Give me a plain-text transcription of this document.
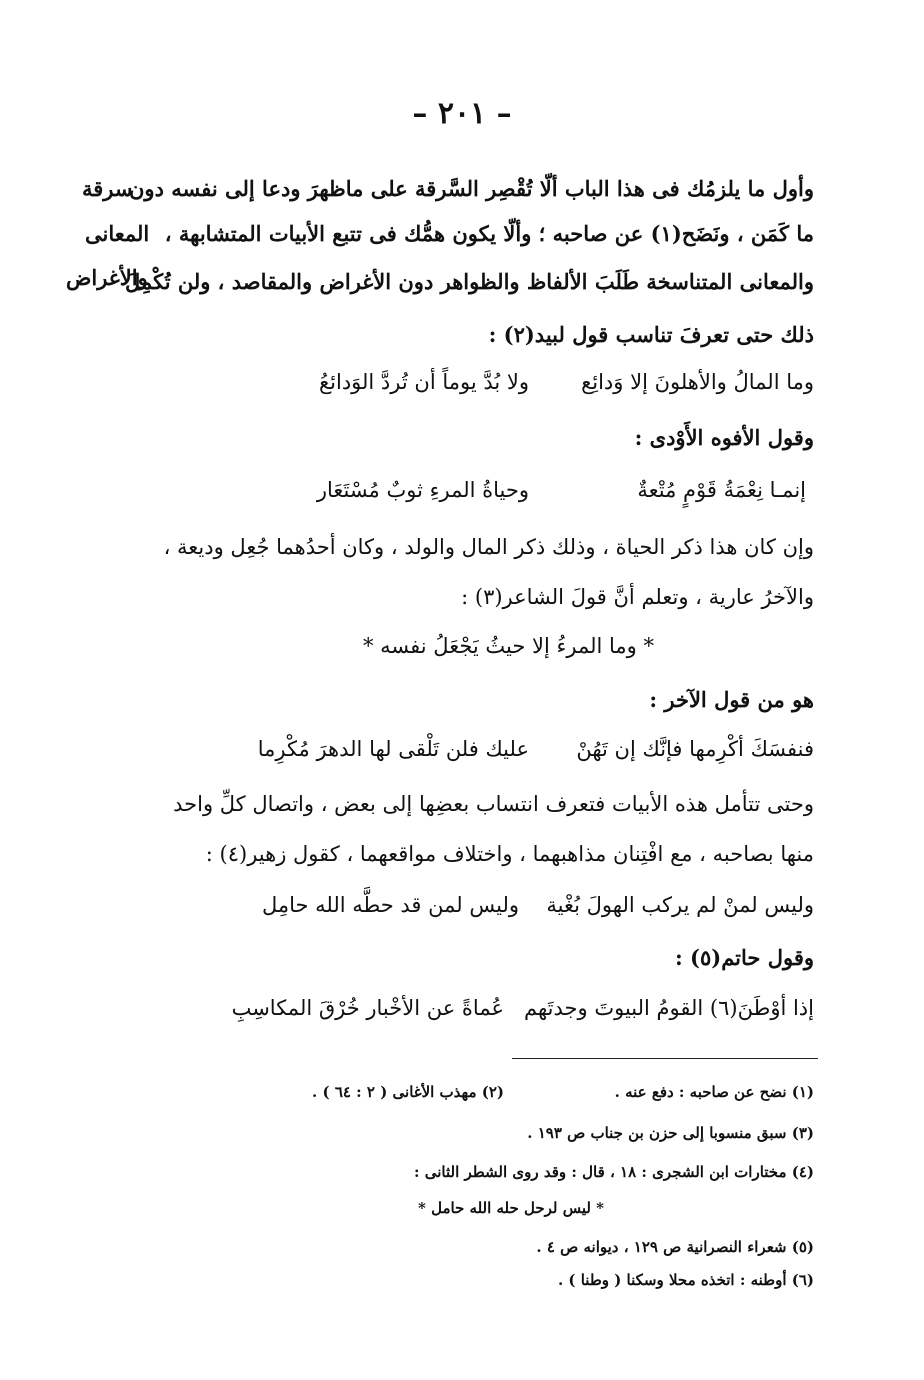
– ٢٠١ –
سرقة
المعانى
والأغراض
وأول ما يلزمُك فى هذا الباب ألّا تُقْصِر السَّرقة على ماظهرَ ودعا إلى نفسه دون
ما كَمَن ، ونَضَح(١) عن صاحبه ؛ وألّا يكون همُّك فى تتبع الأبيات المتشابهة ،
والمعانى المتناسخة طَلَبَ الألفاظ والظواهر دون الأغراض والمقاصد ، ولن تُكْمِلَ
ذلك حتى تعرفَ تناسب قول لبيد(٢) :
وما المالُ والأهلونَ إلا وَدائِع
ولا بُدَّ يوماً أن تُردَّ الوَدائعُ
وقول الأفوه الأَوْدى :
إنمـا نِعْمَةُ قَوْمٍ مُتْعةٌ
وحياةُ المرءِ ثوبٌ مُسْتَعَار
وإن كان هذا ذكر الحياة ، وذلك ذكر المال والولد ، وكان أحدُهما جُعِل وديعة ،
والآخرُ عارية ، وتعلم أنَّ قولَ الشاعر(٣) :
* وما المرءُ إلا حيثُ يَجْعَلُ نفسه *
هو من قول الآخر :
فنفسَكَ أكْرِمها فإنَّك إن تَهُنْ
عليك فلن تَلْقى لها الدهرَ مُكْرِما
وحتى تتأمل هذه الأبيات فتعرف انتساب بعضِها إلى بعض ، واتصال كلِّ واحد
منها بصاحبه ، مع افْتِنان مذاهبهما ، واختلاف مواقعهما ، كقول زهير(٤) :
وليس لمنْ لم يركب الهولَ بُغْية
وليس لمن قد حطَّه الله حامِل
وقول حاتم(٥) :
إذا أوْطَنَ(٦) القومُ البيوتَ وجدتَهم
عُماةً عن الأخْبار خُرْقَ المكاسِبِ
(١) نضح عن صاحبه : دفع عنه .
(٢) مهذب الأغانى ( ٢ : ٦٤ ) .
(٣) سبق منسوبا إلى حزن بن جناب ص ١٩٣ .
(٤) مختارات ابن الشجرى : ١٨ ، قال : وقد روى الشطر الثانى :
* ليس لرحل حله الله حامل *
(٥) شعراء النصرانية ص ١٢٩ ، ديوانه ص ٤ .
(٦) أوطنه : اتخذه محلا وسكنا ( وطنا ) .
